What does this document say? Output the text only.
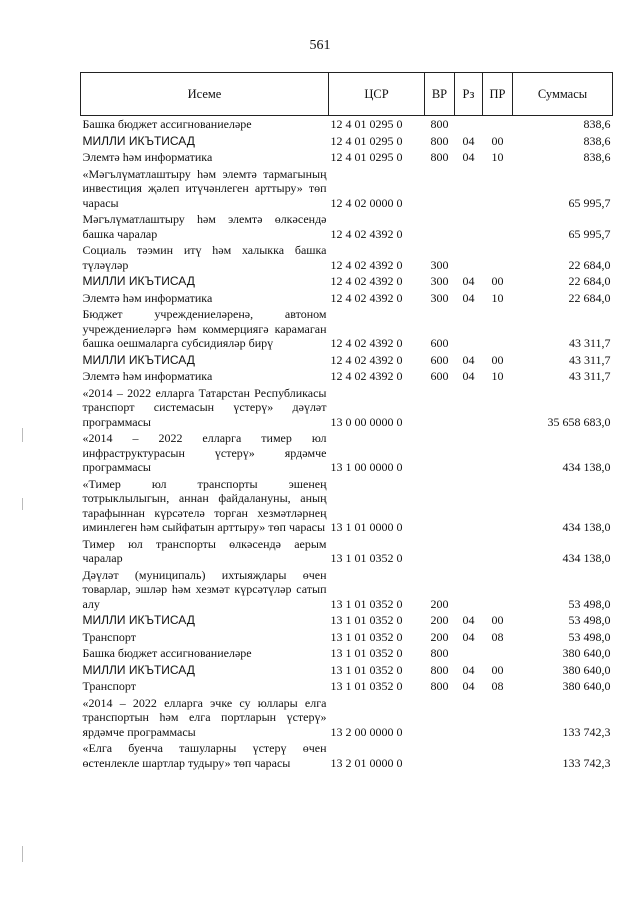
561
Исеме	ЦСР	ВР	Рз	ПР	Суммасы
Башка бюджет ассигнованиеләре	12 4 01 0295 0	800			838,6
МИЛЛИ ИКЪТИСАД	12 4 01 0295 0	800	04	00	838,6
Элемтә һәм информатика	12 4 01 0295 0	800	04	10	838,6
«Мәгълүматлаштыру һәм элемтә тармагының инвестиция җәлеп итүчәнлеген арттыру» төп чарасы	12 4 02 0000 0				65 995,7
Мәгълүматлаштыру һәм элемтә өлкәсендә башка чаралар	12 4 02 4392 0				65 995,7
Социаль тәэмин итү һәм халыкка башка түләүләр	12 4 02 4392 0	300			22 684,0
МИЛЛИ ИКЪТИСАД	12 4 02 4392 0	300	04	00	22 684,0
Элемтә һәм информатика	12 4 02 4392 0	300	04	10	22 684,0
Бюджет учреждениеләренә, автоном учреждениеләргә һәм коммерциягә карамаган башка оешмаларга субсидияләр бирү	12 4 02 4392 0	600			43 311,7
МИЛЛИ ИКЪТИСАД	12 4 02 4392 0	600	04	00	43 311,7
Элемтә һәм информатика	12 4 02 4392 0	600	04	10	43 311,7
«2014 – 2022 елларга Татарстан Республикасы транспорт системасын үстерү» дәүләт программасы	13 0 00 0000 0				35 658 683,0
«2014 – 2022 елларга тимер юл инфраструктурасын үстерү» ярдәмче программасы	13 1 00 0000 0				434 138,0
«Тимер юл транспорты эшенең тотрыклылыгын, аннан файдалануны, аның тарафыннан күрсәтелә торган хезмәтләрнең иминлеген һәм сыйфатын арттыру» төп чарасы	13 1 01 0000 0				434 138,0
Тимер юл транспорты өлкәсендә аерым чаралар	13 1 01 0352 0				434 138,0
Дәүләт (муниципаль) ихтыяҗлары өчен товарлар, эшләр һәм хезмәт күрсәтүләр сатып алу	13 1 01 0352 0	200			53 498,0
МИЛЛИ ИКЪТИСАД	13 1 01 0352 0	200	04	00	53 498,0
Транспорт	13 1 01 0352 0	200	04	08	53 498,0
Башка бюджет ассигнованиеләре	13 1 01 0352 0	800			380 640,0
МИЛЛИ ИКЪТИСАД	13 1 01 0352 0	800	04	00	380 640,0
Транспорт	13 1 01 0352 0	800	04	08	380 640,0
«2014 – 2022 елларга эчке су юллары елга транспортын һәм елга портларын үстерү» ярдәмче программасы	13 2 00 0000 0				133 742,3
«Елга буенча ташуларны үстерү өчен өстенлекле шартлар тудыру» төп чарасы	13 2 01 0000 0				133 742,3
